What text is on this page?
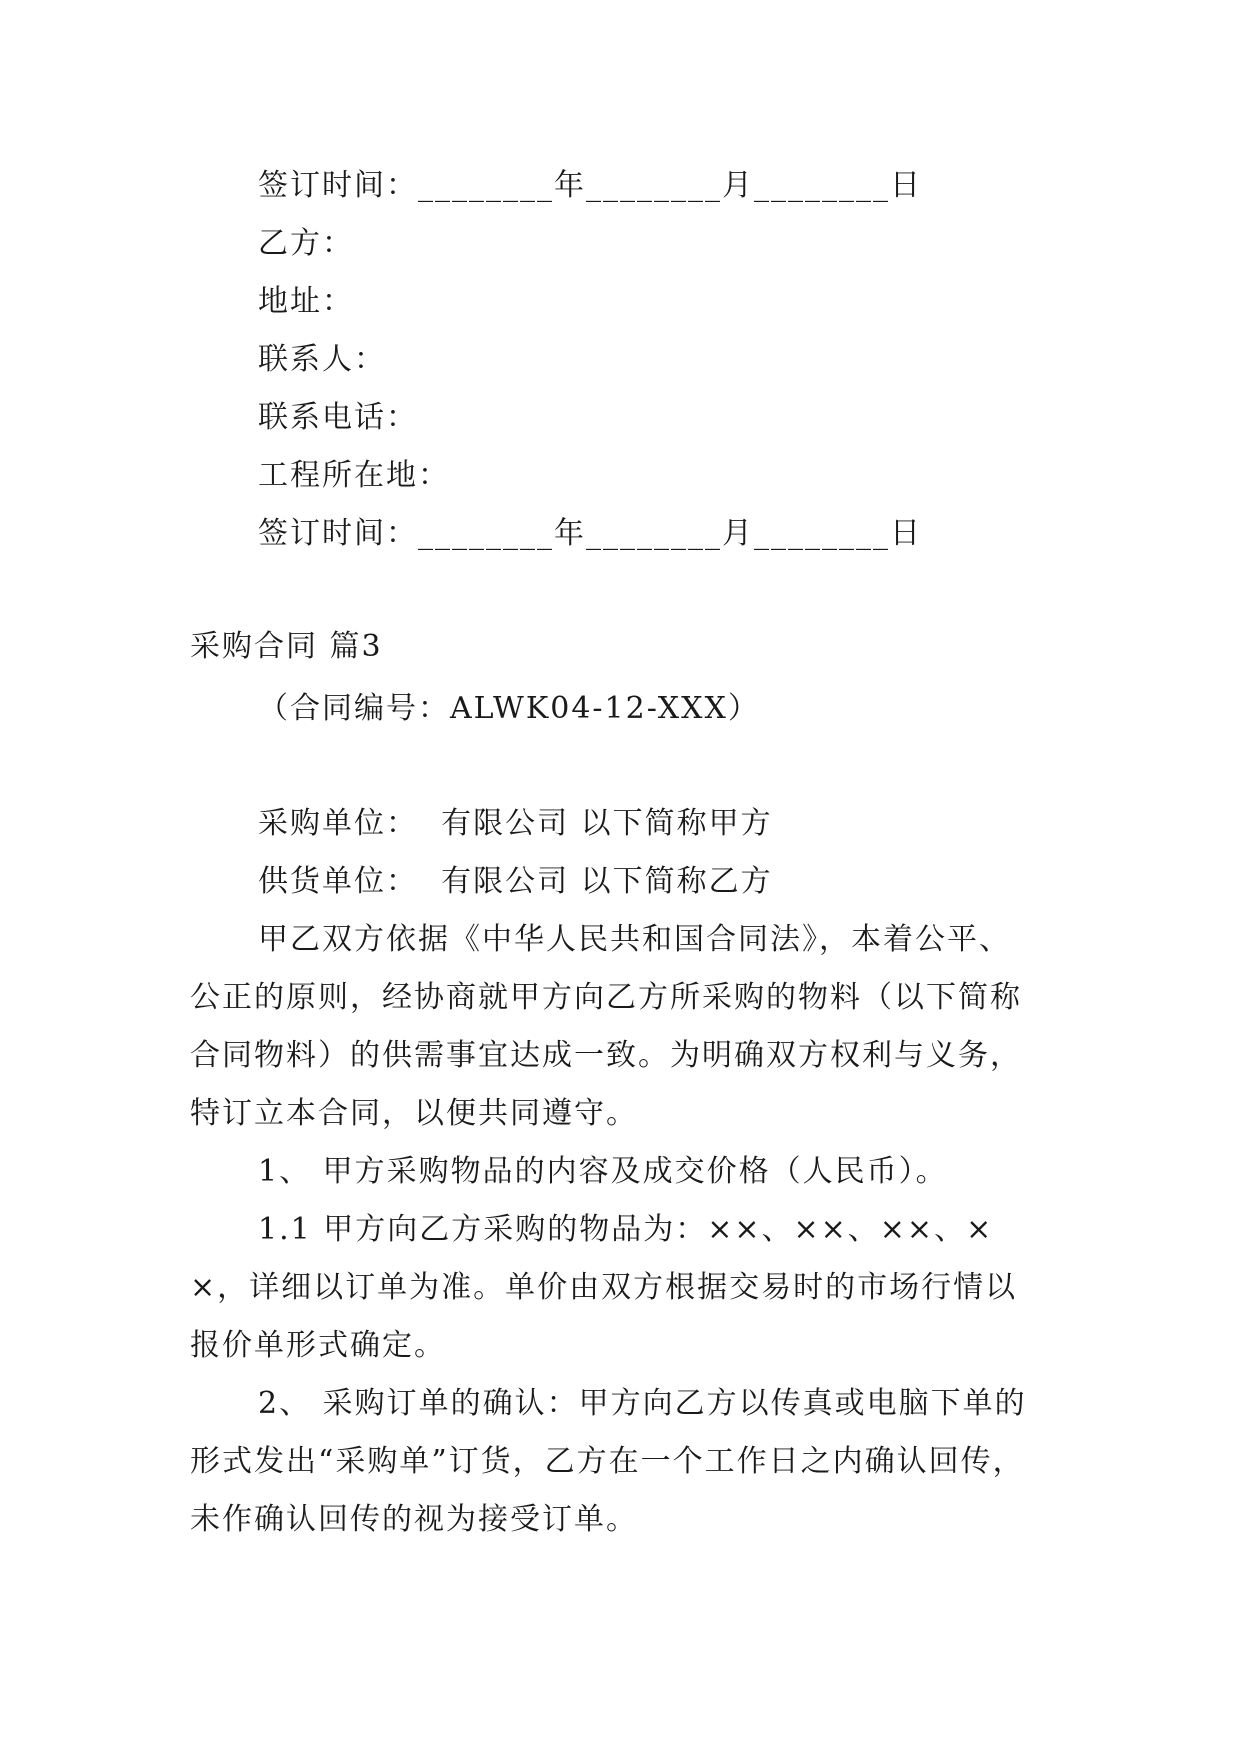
签订时间：________年________月________日
乙方：
地址：
联系人：
联系电话：
工程所在地：
签订时间：________年________月________日
采购合同 篇3
（合同编号：ALWK04-12-XXX）
采购单位：  有限公司 以下简称甲方
供货单位：  有限公司 以下简称乙方
甲乙双方依据《中华人民共和国合同法》，本着公平、
公正的原则，经协商就甲方向乙方所采购的物料（以下简称
合同物料）的供需事宜达成一致。为明确双方权利与义务，
特订立本合同，以便共同遵守。
1、 甲方采购物品的内容及成交价格（人民币）。
1.1 甲方向乙方采购的物品为：××、××、××、×
×，详细以订单为准。单价由双方根据交易时的市场行情以
报价单形式确定。
2、 采购订单的确认：甲方向乙方以传真或电脑下单的
形式发出“采购单”订货，乙方在一个工作日之内确认回传，
未作确认回传的视为接受订单。
